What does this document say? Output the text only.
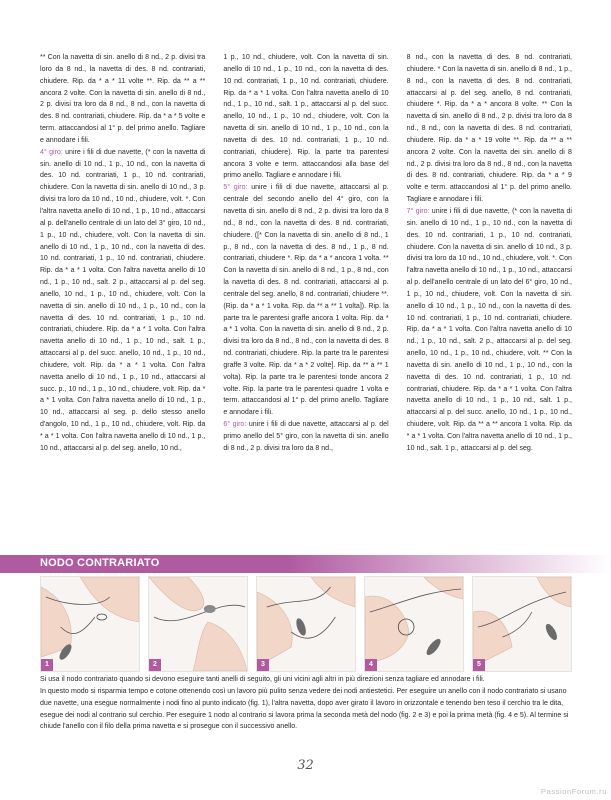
** Con la navetta di sin. anello di 8 nd., 2 p. divisi tra loro da 8 nd., la navetta di des. 8 nd. contrariati, chiudere. Rip. da * a * 11 volte **. Rip. da ** a ** ancora 2 volte. Con la navetta di sin. anello di 8 nd., 2 p. divisi tra loro da 8 nd., 8 nd., con la navetta di des. 8 nd. contrariati, chiudere. Rip. da * a * 5 volte e term. attaccandosi al 1° p. del primo anello. Tagliare e annodare i fili.
4° giro: unire i fili di due navette, (* con la navetta di sin. anello di 10 nd., 1 p., 10 nd., con la navetta di des. 10 nd. contrariati, 1 p., 10 nd. contrariati, chiudere. Con la navetta di sin. anello di 10 nd., 3 p. divisi tra loro da 10 nd., 10 nd., chiudere, volt. *. Con l'altra navetta anello di 10 nd., 1 p., 10 nd., attaccarsi al p. dell'anello centrale di un lato del 3° giro, 10 nd., 1 p., 10 nd., chiudere, volt. Con la navetta di sin. anello di 10 nd., 1 p., 10 nd., con la navetta di des. 10 nd. contrariati, 1 p., 10 nd. contrariati, chiudere. Rip. da * a * 1 volta. Con l'altra navetta anello di 10 nd., 1 p., 10 nd., salt. 2 p., attaccarsi al p. del seg. anello, 10 nd., 1 p., 10 nd., chiudere, volt. Con la navetta di sin. anello di 10 nd., 1 p., 10 nd., con la navetta di des. 10 nd. contrariati, 1 p., 10 nd. contrariati, chiudere. Rip. da * a * 1 volta. Con l'altra navetta anello di 10 nd., 1 p., 10 nd., salt. 1 p., attaccarsi al p. del succ. anello, 10 nd., 1 p., 10 nd., chiudere, volt. Rip. da * a * 1 volta. Con l'altra navetta anello di 10 nd., 1 p., 10 nd., attaccarsi al succ. p., 10 nd., 1 p., 10 nd., chiudere, volt. Rip. da * a * 1 volta. Con l'altra navetta anello di 10 nd., 1 p., 10 nd., attaccarsi al seg. p. dello stesso anello d'angolo, 10 nd., 1 p., 10 nd., chiudere, volt. Rip. da * a * 1 volta. Con l'altra navetta anello di 10 nd., 1 p., 10 nd., attaccarsi al p. del seg. anello, 10 nd.,

1 p., 10 nd., chiudere, volt. Con la navetta di sin. anello di 10 nd., 1 p., 10 nd., con la navetta di des. 10 nd. contrariati, 1 p., 10 nd. contrariati, chiudere. Rip. da * a * 1 volta. Con l'altra navetta anello di 10 nd., 1 p., 10 nd., salt. 1 p., attaccarsi al p. del succ. anello, 10 nd., 1 p., 10 nd., chiudere, volt. Con la navetta di sin. anello di 10 nd., 1 p., 10 nd., con la navetta di des. 10 nd. contrariati, 1 p., 10 nd. contrariati, chiudere). Rip. la parte tra parentesi ancora 3 volte e term. attaccandosi alla base del primo anello. Tagliare e annodare i fili.
5° giro: unire i fili di due navette, attaccarsi al p. centrale del secondo anello del 4° giro, con la navetta di sin. anello di 8 nd., 2 p. divisi tra loro da 8 nd., 8 nd., con la navetta di des. 8 nd. contrariati, chiudere. ([* Con la navetta di sin. anello di 8 nd., 1 p., 8 nd., con la navetta di des. 8 nd., 1 p., 8 nd. contrariati, chiudere *. Rip. da * a * ancora 1 volta. ** Con la navetta di sin. anello di 8 nd., 1 p., 8 nd., con la navetta di des. 8 nd. contrariati, attaccarsi al p. centrale del seg. anello, 8 nd. contrariati, chiudere **. (Rip. da * a * 1 volta. Rip. da ** a ** 1 volta]). Rip. la parte tra le parentesi graffe ancora 1 volta. Rip. da * a * 1 volta. Con la navetta di sin. anello di 8 nd., 2 p. divisi tra loro da 8 nd., 8 nd., con la navetta di des. 8 nd. contrariati, chiudere. Rip. la parte tra le parentesi graffe 3 volte. Rip. da * a * 2 volte]. Rip. da ** a ** 1 volta). Rip. la parte tra le parentesi tonde ancora 2 volte. Rip. la parte tra le parentesi quadre 1 volta e term. attaccandosi al 1° p. del primo anello. Tagliare e annodare i fili.
6° giro: unire i fili di due navette, attaccarsi al p. del primo anello del 5° giro, con la navetta di sin. anello di 8 nd., 2 p. divisi tra loro da 8 nd.,

8 nd., con la navetta di des. 8 nd. contrariati, chiudere. * Con la navetta di sin. anello di 8 nd., 1 p., 8 nd., con la navetta di des. 8 nd. contrariati, attaccarsi al p. del seg. anello, 8 nd. contrariati, chiudere *. Rip. da * a * ancora 8 volte. ** Con la navetta di sin. anello di 8 nd., 2 p. divisi tra loro da 8 nd., 8 nd., con la navetta di des. 8 nd. contrariati, chiudere. Rip. da * a * 19 volte **. Rip. da ** a ** ancora 2 volte. Con la navetta dei sin. anello di 8 nd., 2 p. divisi tra loro da 8 nd., 8 nd., con la navetta di des. 8 nd. contrariati, chiudere. Rip. da * a * 9 volte e term. attaccandosi al 1° p. del primo anello. Tagliare e annodare i fili.
7° giro: unire i fili di due navette, (* con la navetta di sin. anello di 10 nd., 1 p., 10 nd., con la navetta di des. 10 nd. contrariati, 1 p., 10 nd. contrariati, chiudere. Con la navetta di sin. anello di 10 nd., 3 p. divisi tra loro da 10 nd., 10 nd., chiudere, volt. *. Con l'altra navetta anello di 10 nd., 1 p., 10 nd., attaccarsi al p. dell'anello centrale di un lato del 6° giro, 10 nd., 1 p., 10 nd., chiudere, volt. Con la navetta di sin. anello di 10 nd., 1 p., 10 nd., con la navetta di des. 10 nd. contrariati, 1 p., 10 nd. contrariati, chiudere. Rip. da * a * 1 volta. Con l'altra navetta anello di 10 nd., 1 p., 10 nd., salt. 2 p., attaccarsi al p. del seg. anello, 10 nd., 1 p., 10 nd., chiudere, volt. ** Con la navetta di sin. anello di 10 nd., 1 p., 10 nd., con la navetta di des. 10 nd. contrariati, 1 p., 10 nd. contrariati, chiudere. Rip. da * a * 1 volta. Con l'altra navetta anello di 10 nd., 1 p., 10 nd., salt. 1 p., attaccarsi al p. del succ. anello, 10 nd., 1 p., 10 nd., chiudere, volt. Rip. da ** a ** ancora 1 volta. Rip. da * a * 1 volta. Con l'altra navetta anello di 10 nd., 1 p., 10 nd., salt. 1 p., attaccarsi al p. del seg.

NODO CONTRARIATO
1	2	3	4	5

Si usa il nodo contrariato quando si devono eseguire tanti anelli di seguito, gli uni vicini agli altri in più direzioni senza tagliare ed annodare i fili.

In questo modo si risparmia tempo e cotone ottenendo così un lavoro più pulito senza vedere dei nodi antiestetici. Per eseguire un anello con il nodo contrariato si usano due navette, una esegue normalmente i nodi fino al punto indicato (fig. 1), l'altra navetta, dopo aver girato il lavoro in orizzontale e tenendo ben teso il cerchio tra le dita, esegue dei nodi al contrario sul cerchio. Per eseguire 1 nodo al contrario si lavora prima la seconda metà del nodo (fig. 2 e 3) e poi la prima metà (fig. 4 e 5). Al termine si chiude l'anello con il filo della prima navetta e si prosegue con il successivo anello.

32
PassionForum.ru
